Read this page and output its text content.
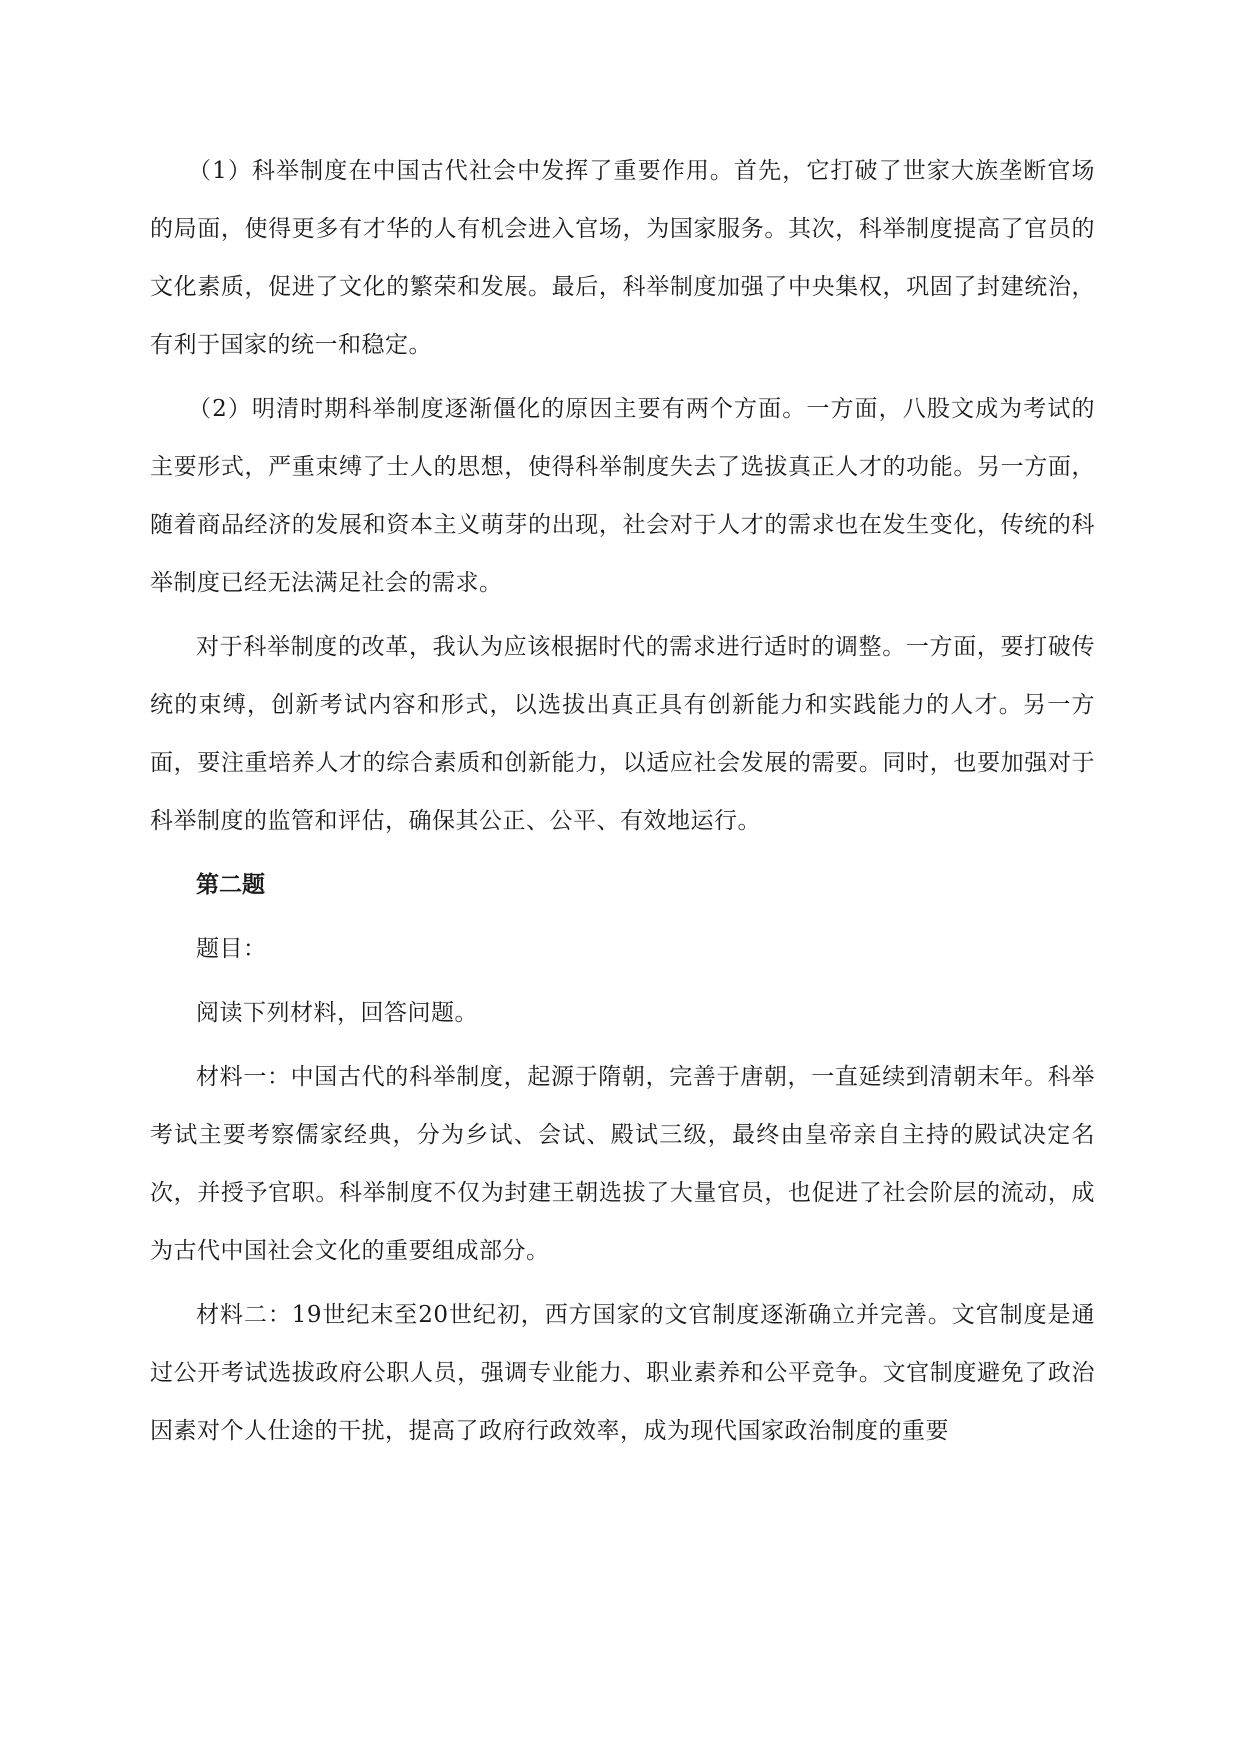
（1）科举制度在中国古代社会中发挥了重要作用。首先，它打破了世家大族垄断官场的局面，使得更多有才华的人有机会进入官场，为国家服务。其次，科举制度提高了官员的文化素质，促进了文化的繁荣和发展。最后，科举制度加强了中央集权，巩固了封建统治，有利于国家的统一和稳定。

（2）明清时期科举制度逐渐僵化的原因主要有两个方面。一方面，八股文成为考试的主要形式，严重束缚了士人的思想，使得科举制度失去了选拔真正人才的功能。另一方面，随着商品经济的发展和资本主义萌芽的出现，社会对于人才的需求也在发生变化，传统的科举制度已经无法满足社会的需求。

对于科举制度的改革，我认为应该根据时代的需求进行适时的调整。一方面，要打破传统的束缚，创新考试内容和形式，以选拔出真正具有创新能力和实践能力的人才。另一方面，要注重培养人才的综合素质和创新能力，以适应社会发展的需要。同时，也要加强对于科举制度的监管和评估，确保其公正、公平、有效地运行。

第二题

题目：

阅读下列材料，回答问题。

材料一：中国古代的科举制度，起源于隋朝，完善于唐朝，一直延续到清朝末年。科举考试主要考察儒家经典，分为乡试、会试、殿试三级，最终由皇帝亲自主持的殿试决定名次，并授予官职。科举制度不仅为封建王朝选拔了大量官员，也促进了社会阶层的流动，成为古代中国社会文化的重要组成部分。

材料二：19世纪末至20世纪初，西方国家的文官制度逐渐确立并完善。文官制度是通过公开考试选拔政府公职人员，强调专业能力、职业素养和公平竞争。文官制度避免了政治因素对个人仕途的干扰，提高了政府行政效率，成为现代国家政治制度的重要
